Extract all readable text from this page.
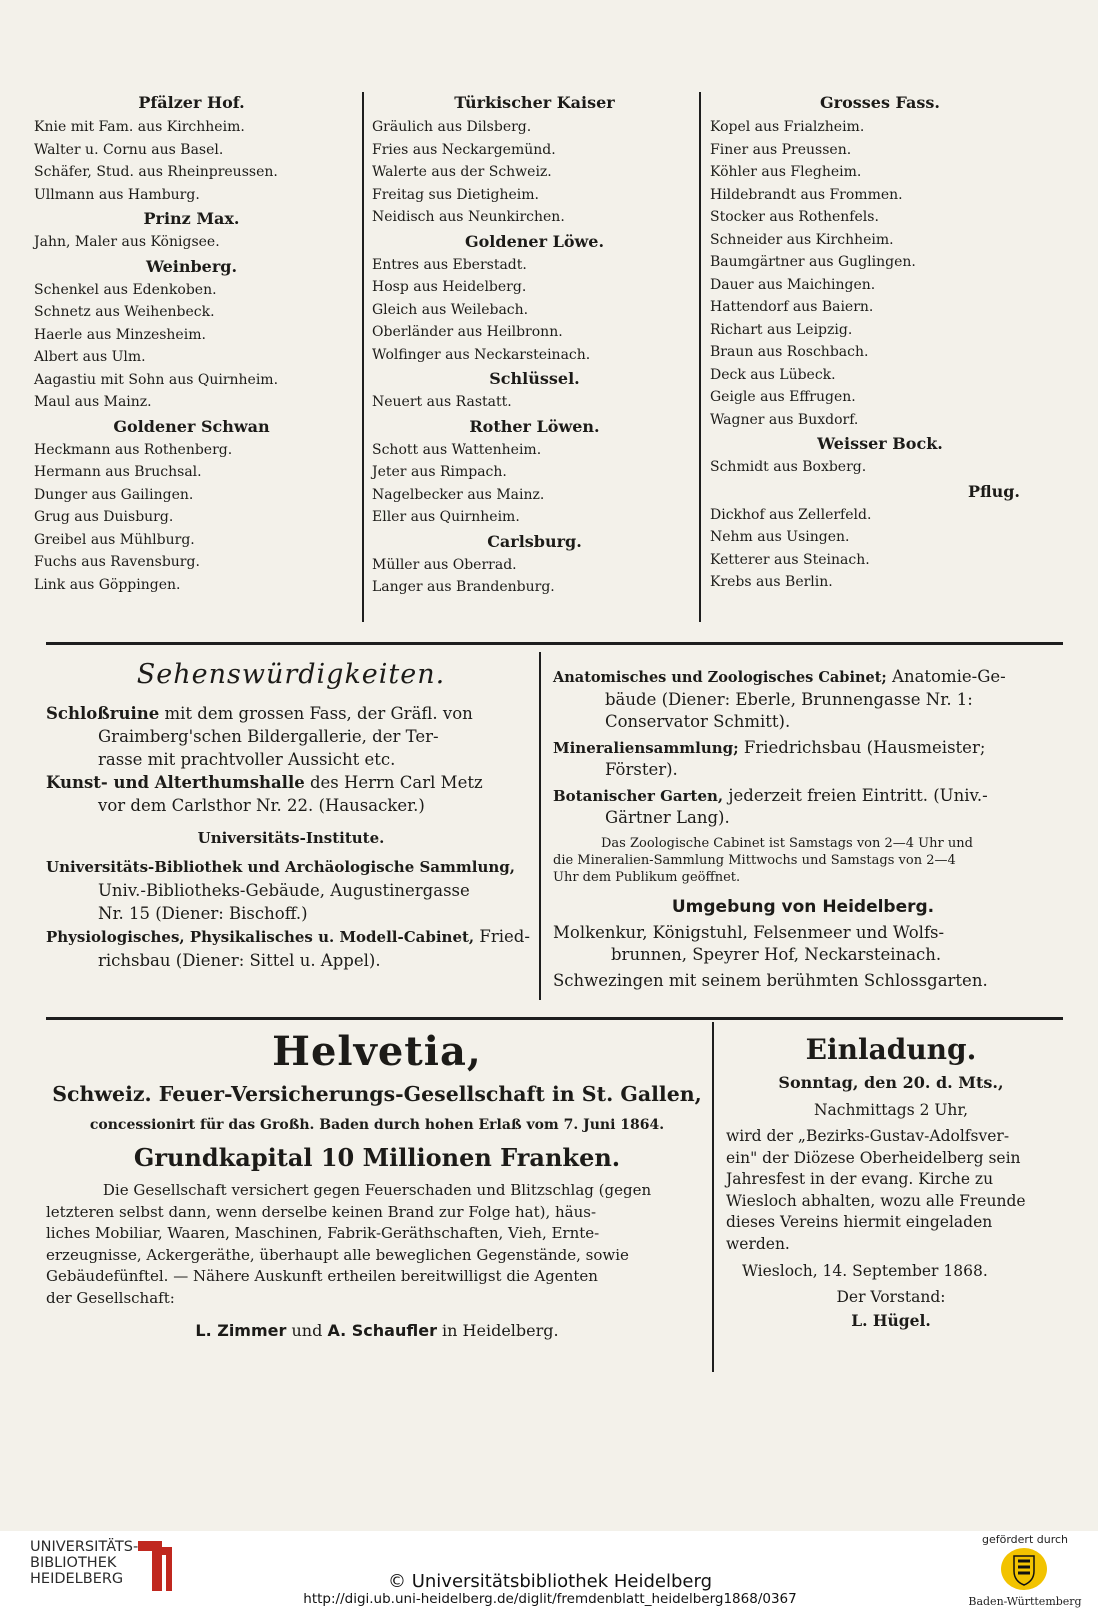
Pfälzer Hof.
Knie mit Fam. aus Kirchheim.
Walter u. Cornu aus Basel.
Schäfer, Stud. aus Rheinpreussen.
Ullmann aus Hamburg.
Prinz Max.
Jahn, Maler aus Königsee.
Weinberg.
Schenkel aus Edenkoben.
Schnetz aus Weihenbeck.
Haerle aus Minzesheim.
Albert aus Ulm.
Aagastiu mit Sohn aus Quirnheim.
Maul aus Mainz.
Goldener Schwan
Heckmann aus Rothenberg.
Hermann aus Bruchsal.
Dunger aus Gailingen.
Grug aus Duisburg.
Greibel aus Mühlburg.
Fuchs aus Ravensburg.
Link aus Göppingen.
Türkischer Kaiser
Gräulich aus Dilsberg.
Fries aus Neckargemünd.
Walerte aus der Schweiz.
Freitag sus Dietigheim.
Neidisch aus Neunkirchen.
Goldener Löwe.
Entres aus Eberstadt.
Hosp aus Heidelberg.
Gleich aus Weilebach.
Oberländer aus Heilbronn.
Wolfinger aus Neckarsteinach.
Schlüssel.
Neuert aus Rastatt.
Rother Löwen.
Schott aus Wattenheim.
Jeter aus Rimpach.
Nagelbecker aus Mainz.
Eller aus Quirnheim.
Carlsburg.
Müller aus Oberrad.
Langer aus Brandenburg.
Grosses Fass.
Kopel aus Frialzheim.
Finer aus Preussen.
Köhler aus Flegheim.
Hildebrandt aus Frommen.
Stocker aus Rothenfels.
Schneider aus Kirchheim.
Baumgärtner aus Guglingen.
Dauer aus Maichingen.
Hattendorf aus Baiern.
Richart aus Leipzig.
Braun aus Roschbach.
Deck aus Lübeck.
Geigle aus Effrugen.
Wagner aus Buxdorf.
Weisser Bock.
Schmidt aus Boxberg.
Pflug.
Dickhof aus Zellerfeld.
Nehm aus Usingen.
Ketterer aus Steinach.
Krebs aus Berlin.
Sehenswürdigkeiten.
Schloßruine mit dem grossen Fass, der Gräfl. von
Graimberg'schen Bildergallerie, der Ter-
rasse mit prachtvoller Aussicht etc.
Kunst- und Alterthumshalle des Herrn Carl Metz
vor dem Carlsthor Nr. 22. (Hausacker.)
Universitäts-Institute.
Universitäts-Bibliothek und Archäologische Sammlung,
Univ.-Bibliotheks-Gebäude, Augustinergasse
Nr. 15 (Diener: Bischoff.)
Physiologisches, Physikalisches u. Modell-Cabinet, Fried-
richsbau (Diener: Sittel u. Appel).
Anatomisches und Zoologisches Cabinet; Anatomie-Ge-
bäude (Diener: Eberle, Brunnengasse Nr. 1:
Conservator Schmitt).
Mineraliensammlung; Friedrichsbau (Hausmeister;
Förster).
Botanischer Garten, jederzeit freien Eintritt. (Univ.-
Gärtner Lang).
Das Zoologische Cabinet ist Samstags von 2—4 Uhr und
die Mineralien-Sammlung Mittwochs und Samstags von 2—4
Uhr dem Publikum geöffnet.
Umgebung von Heidelberg.
Molkenkur, Königstuhl, Felsenmeer und Wolfs-
brunnen, Speyrer Hof, Neckarsteinach.
Schwezingen mit seinem berühmten Schlossgarten.
Helvetia,
Schweiz. Feuer-Versicherungs-Gesellschaft in St. Gallen,
concessionirt für das Großh. Baden durch hohen Erlaß vom 7. Juni 1864.
Grundkapital 10 Millionen Franken.
Die Gesellschaft versichert gegen Feuerschaden und Blitzschlag (gegen
letzteren selbst dann, wenn derselbe keinen Brand zur Folge hat), häus-
liches Mobiliar, Waaren, Maschinen, Fabrik-Geräthschaften, Vieh, Ernte-
erzeugnisse, Ackergeräthe, überhaupt alle beweglichen Gegenstände, sowie
Gebäudefünftel. — Nähere Auskunft ertheilen bereitwilligst die Agenten
der Gesellschaft:
L. Zimmer und A. Schaufler in Heidelberg.
Einladung.
Sonntag, den 20. d. Mts.,
Nachmittags 2 Uhr,
wird der „Bezirks-Gustav-Adolfsver-
ein" der Diözese Oberheidelberg sein
Jahresfest in der evang. Kirche zu
Wiesloch abhalten, wozu alle Freunde
dieses Vereins hiermit eingeladen
werden.
Wiesloch, 14. September 1868.
Der Vorstand:
L. Hügel.
UNIVERSITÄTS-
BIBLIOTHEK
HEIDELBERG	© Universitätsbibliothek Heidelberg
http://digi.ub.uni-heidelberg.de/diglit/fremdenblatt_heidelberg1868/0367
gefördert durch
Baden-Württemberg
